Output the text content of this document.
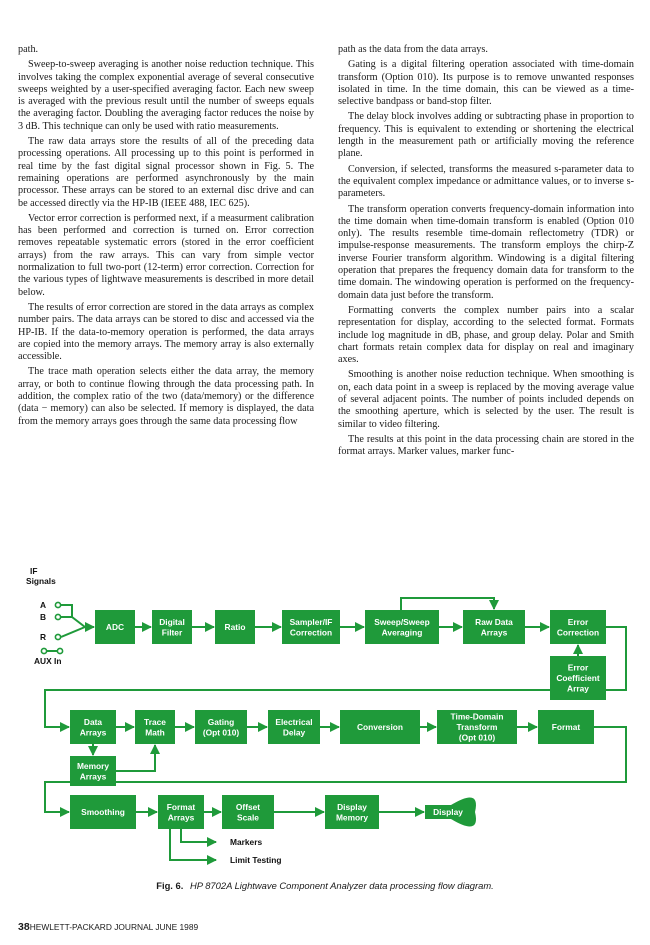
path.

Sweep-to-sweep averaging is another noise reduction technique. This involves taking the complex exponential average of several consecutive sweeps weighted by a user-specified averaging factor. Each new sweep is averaged with the previous result until the number of sweeps equals the averaging factor. Doubling the averaging factor reduces the noise by 3 dB. This technique can only be used with ratio measurements.

The raw data arrays store the results of all of the preceding data processing operations. All processing up to this point is performed in real time by the fast digital signal processor shown in Fig. 5. The remaining operations are performed asynchronously by the main processor. These arrays can be stored to an external disc drive and can be accessed directly via the HP-IB (IEEE 488, IEC 625).

Vector error correction is performed next, if a measurment calibration has been performed and correction is turned on. Error correction removes repeatable systematic errors (stored in the error coefficient arrays) from the raw arrays. This can vary from simple vector normalization to full two-port (12-term) error correction. Correction for the various types of lightwave measurements is described in more detail below.

The results of error correction are stored in the data arrays as complex number pairs. The data arrays can be stored to disc and accessed via the HP-IB. If the data-to-memory operation is performed, the data arrays are copied into the memory arrays. The memory array is also externally accessible.

The trace math operation selects either the data array, the memory array, or both to continue flowing through the data processing path. In addition, the complex ratio of the two (data/memory) or the difference (data − memory) can also be selected. If memory is displayed, the data from the memory arrays goes through the same data processing flow

path as the data from the data arrays.

Gating is a digital filtering operation associated with time-domain transform (Option 010). Its purpose is to remove unwanted responses isolated in time. In the time domain, this can be viewed as a time-selective bandpass or band-stop filter.

The delay block involves adding or subtracting phase in proportion to frequency. This is equivalent to extending or shortening the electrical length in the measurement path or artificially moving the reference plane.

Conversion, if selected, transforms the measured s-parameter data to the equivalent complex impedance or admittance values, or to inverse s-parameters.

The transform operation converts frequency-domain information into the time domain when time-domain transform is enabled (Option 010 only). The results resemble time-domain reflectometry (TDR) or impulse-response measurements. The transform employs the chirp-Z inverse Fourier transform algorithm. Windowing is a digital filtering operation that prepares the frequency domain data for transform to the time domain. The windowing operation is performed on the frequency-domain data just before the transform.

Formatting converts the complex number pairs into a scalar representation for display, according to the selected format. Formats include log magnitude in dB, phase, and group delay. Polar and Smith chart formats retain complex data for display on real and imaginary axes.

Smoothing is another noise reduction technique. When smoothing is on, each data point in a sweep is replaced by the moving average value of several adjacent points. The number of points included depends on the smoothing aperture, which is selected by the user. The result is similar to video filtering.

The results at this point in the data processing chain are stored in the format arrays. Marker values, marker func-

ADC
Digital
Filter
Ratio
Sampler/IF
Correction
Sweep/Sweep
Averaging
Raw Data
Arrays
Error
Correction
Error
Coefficient
Array
Data
Arrays
Trace
Math
Gating
(Opt 010)
Electrical
Delay
Conversion
Time-Domain
Transform
(Opt 010)
Format
Memory
Arrays
Smoothing
Format
Arrays
Offset
Scale
Display
Memory
Display
IF
Signals
A
B
R
AUX In
Markers
Limit Testing
Fig. 6. HP 8702A Lightwave Component Analyzer data processing flow diagram.
38HEWLETT-PACKARD JOURNAL JUNE 1989
